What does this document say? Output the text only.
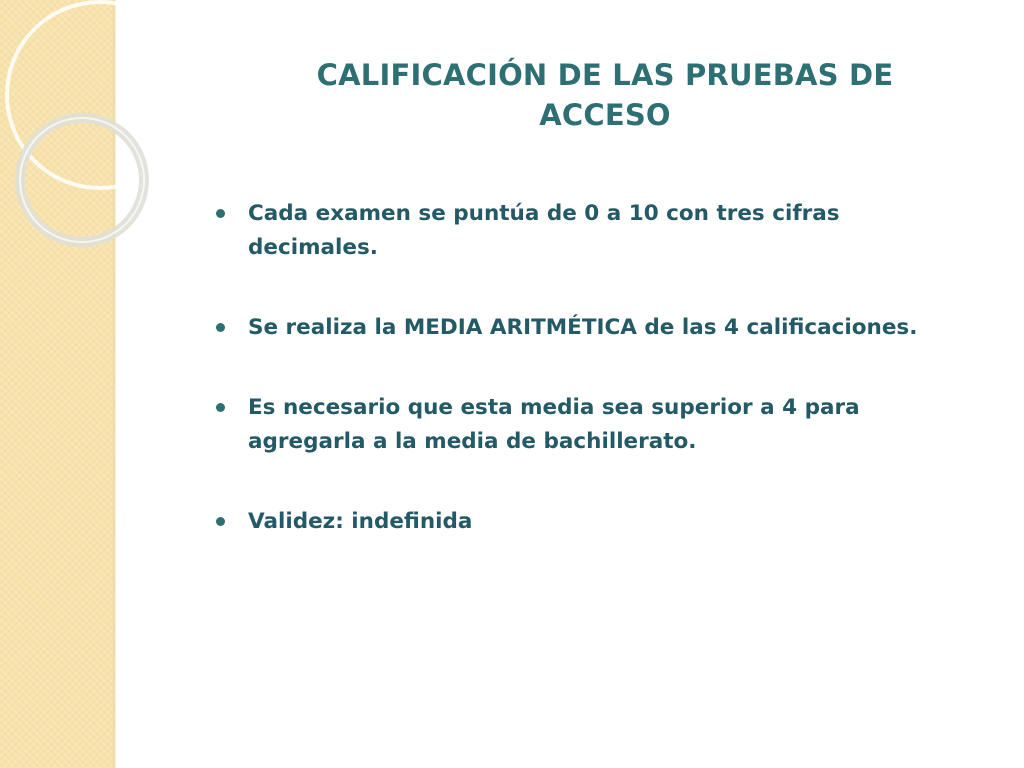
CALIFICACIÓN DE LAS PRUEBAS DE ACCESO
Cada examen se puntúa de 0 a 10 con tres cifras decimales.
Se realiza la MEDIA ARITMÉTICA de las 4 calificaciones.
Es necesario que esta media sea superior a 4 para agregarla a la media de bachillerato.
Validez: indefinida
